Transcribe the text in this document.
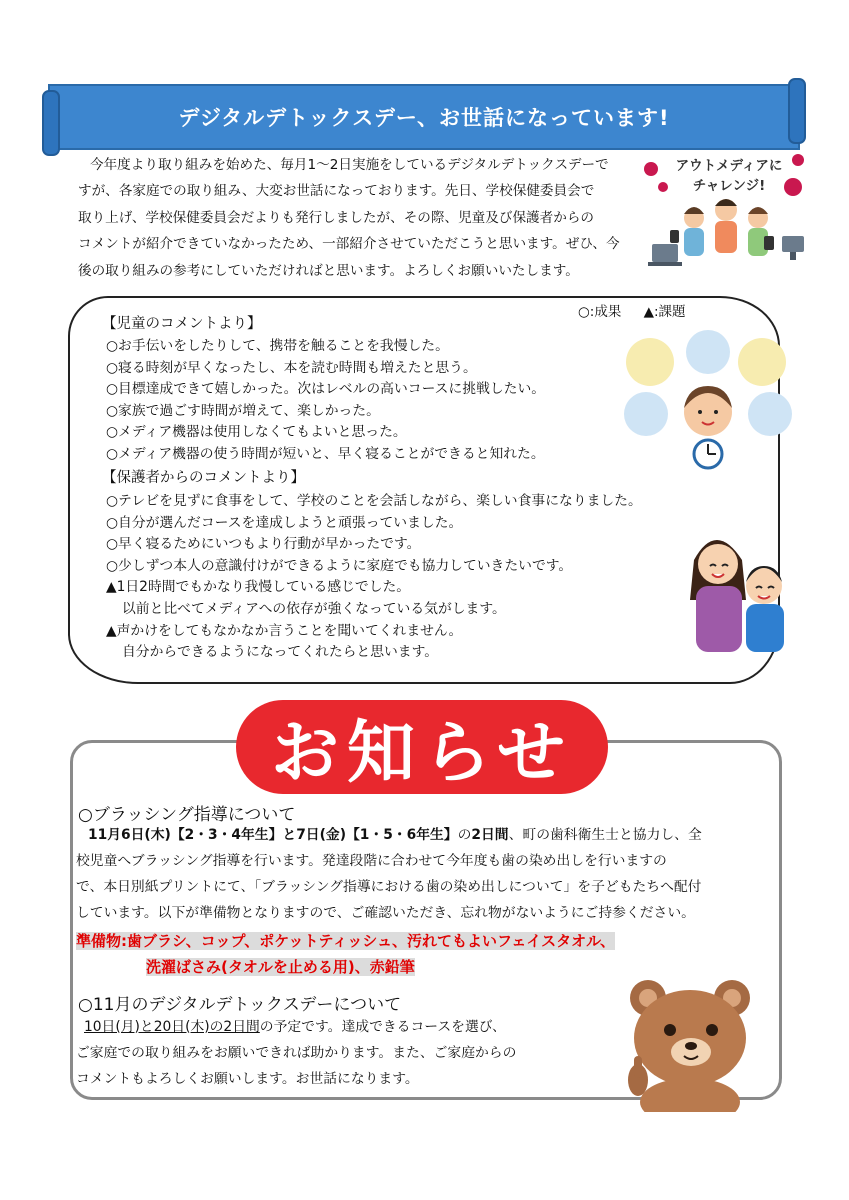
デジタルデトックスデー、お世話になっています!
今年度より取り組みを始めた、毎月1〜2日実施をしているデジタルデトックスデーで
すが、各家庭での取り組み、大変お世話になっております。先日、学校保健委員会で
取り上げ、学校保健委員会だよりも発行しましたが、その際、児童及び保護者からの
コメントが紹介できていなかったため、一部紹介させていただこうと思います。ぜひ、今
後の取り組みの参考にしていただければと思います。よろしくお願いいたします。
アウトメディアに
チャレンジ!
○:成果 ▲:課題
【児童のコメントより】
○お手伝いをしたりして、携帯を触ることを我慢した。
○寝る時刻が早くなったし、本を読む時間も増えたと思う。
○目標達成できて嬉しかった。次はレベルの高いコースに挑戦したい。
○家族で過ごす時間が増えて、楽しかった。
○メディア機器は使用しなくてもよいと思った。
○メディア機器の使う時間が短いと、早く寝ることができると知れた。
【保護者からのコメントより】
○テレビを見ずに食事をして、学校のことを会話しながら、楽しい食事になりました。
○自分が選んだコースを達成しようと頑張っていました。
○早く寝るためにいつもより行動が早かったです。
○少しずつ本人の意識付けができるように家庭でも協力していきたいです。
▲1日2時間でもかなり我慢している感じでした。
以前と比べてメディアへの依存が強くなっている気がします。
▲声かけをしてもなかなか言うことを聞いてくれません。
自分からできるようになってくれたらと思います。
お知らせ
○ブラッシング指導について
11月6日(木)【2・3・4年生】と7日(金)【1・5・6年生】の2日間、町の歯科衛生士と協力し、全
校児童へブラッシング指導を行います。発達段階に合わせて今年度も歯の染め出しを行いますの
で、本日別紙プリントにて、「ブラッシング指導における歯の染め出しについて」を子どもたちへ配付
しています。以下が準備物となりますので、ご確認いただき、忘れ物がないようにご持参ください。
準備物:歯ブラシ、コップ、ポケットティッシュ、汚れてもよいフェイスタオル、
洗濯ばさみ(タオルを止める用)、赤鉛筆
○11月のデジタルデトックスデーについて
10日(月)と20日(木)の2日間の予定です。達成できるコースを選び、
ご家庭での取り組みをお願いできれば助かります。また、ご家庭からの
コメントもよろしくお願いします。お世話になります。
